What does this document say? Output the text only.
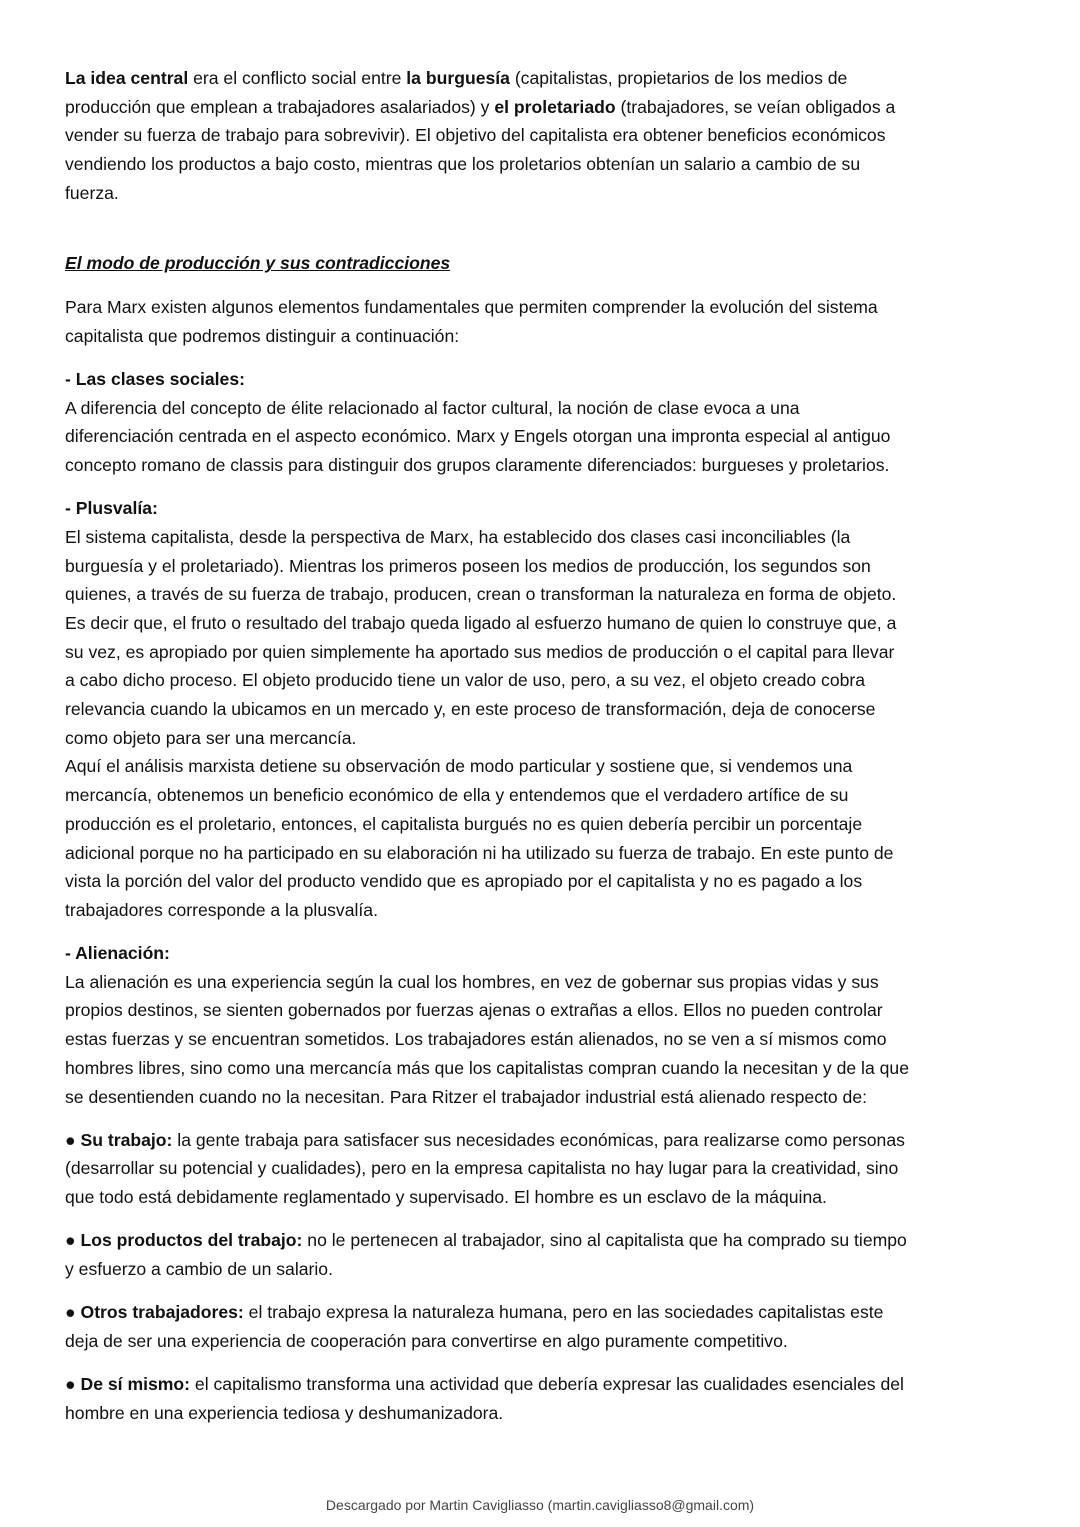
La idea central era el conflicto social entre la burguesía (capitalistas, propietarios de los medios de
producción que emplean a trabajadores asalariados) y el proletariado (trabajadores, se veían obligados a
vender su fuerza de trabajo para sobrevivir). El objetivo del capitalista era obtener beneficios económicos
vendiendo los productos a bajo costo, mientras que los proletarios obtenían un salario a cambio de su
fuerza.
El modo de producción y sus contradicciones
Para Marx existen algunos elementos fundamentales que permiten comprender la evolución del sistema
capitalista que podremos distinguir a continuación:
- Las clases sociales:
A diferencia del concepto de élite relacionado al factor cultural, la noción de clase evoca a una
diferenciación centrada en el aspecto económico. Marx y Engels otorgan una impronta especial al antiguo
concepto romano de classis para distinguir dos grupos claramente diferenciados: burgueses y proletarios.
- Plusvalía:
El sistema capitalista, desde la perspectiva de Marx, ha establecido dos clases casi inconciliables (la
burguesía y el proletariado). Mientras los primeros poseen los medios de producción, los segundos son
quienes, a través de su fuerza de trabajo, producen, crean o transforman la naturaleza en forma de objeto.
Es decir que, el fruto o resultado del trabajo queda ligado al esfuerzo humano de quien lo construye que, a
su vez, es apropiado por quien simplemente ha aportado sus medios de producción o el capital para llevar
a cabo dicho proceso. El objeto producido tiene un valor de uso, pero, a su vez, el objeto creado cobra
relevancia cuando la ubicamos en un mercado y, en este proceso de transformación, deja de conocerse
como objeto para ser una mercancía.
Aquí el análisis marxista detiene su observación de modo particular y sostiene que, si vendemos una
mercancía, obtenemos un beneficio económico de ella y entendemos que el verdadero artífice de su
producción es el proletario, entonces, el capitalista burgués no es quien debería percibir un porcentaje
adicional porque no ha participado en su elaboración ni ha utilizado su fuerza de trabajo. En este punto de
vista la porción del valor del producto vendido que es apropiado por el capitalista y no es pagado a los
trabajadores corresponde a la plusvalía.
- Alienación:
La alienación es una experiencia según la cual los hombres, en vez de gobernar sus propias vidas y sus
propios destinos, se sienten gobernados por fuerzas ajenas o extrañas a ellos. Ellos no pueden controlar
estas fuerzas y se encuentran sometidos. Los trabajadores están alienados, no se ven a sí mismos como
hombres libres, sino como una mercancía más que los capitalistas compran cuando la necesitan y de la que
se desentienden cuando no la necesitan. Para Ritzer el trabajador industrial está alienado respecto de:
● Su trabajo: la gente trabaja para satisfacer sus necesidades económicas, para realizarse como personas
(desarrollar su potencial y cualidades), pero en la empresa capitalista no hay lugar para la creatividad, sino
que todo está debidamente reglamentado y supervisado. El hombre es un esclavo de la máquina.
● Los productos del trabajo: no le pertenecen al trabajador, sino al capitalista que ha comprado su tiempo
y esfuerzo a cambio de un salario.
● Otros trabajadores: el trabajo expresa la naturaleza humana, pero en las sociedades capitalistas este
deja de ser una experiencia de cooperación para convertirse en algo puramente competitivo.
● De sí mismo: el capitalismo transforma una actividad que debería expresar las cualidades esenciales del
hombre en una experiencia tediosa y deshumanizadora.
Descargado por Martin Cavigliasso (martin.cavigliasso8@gmail.com)
